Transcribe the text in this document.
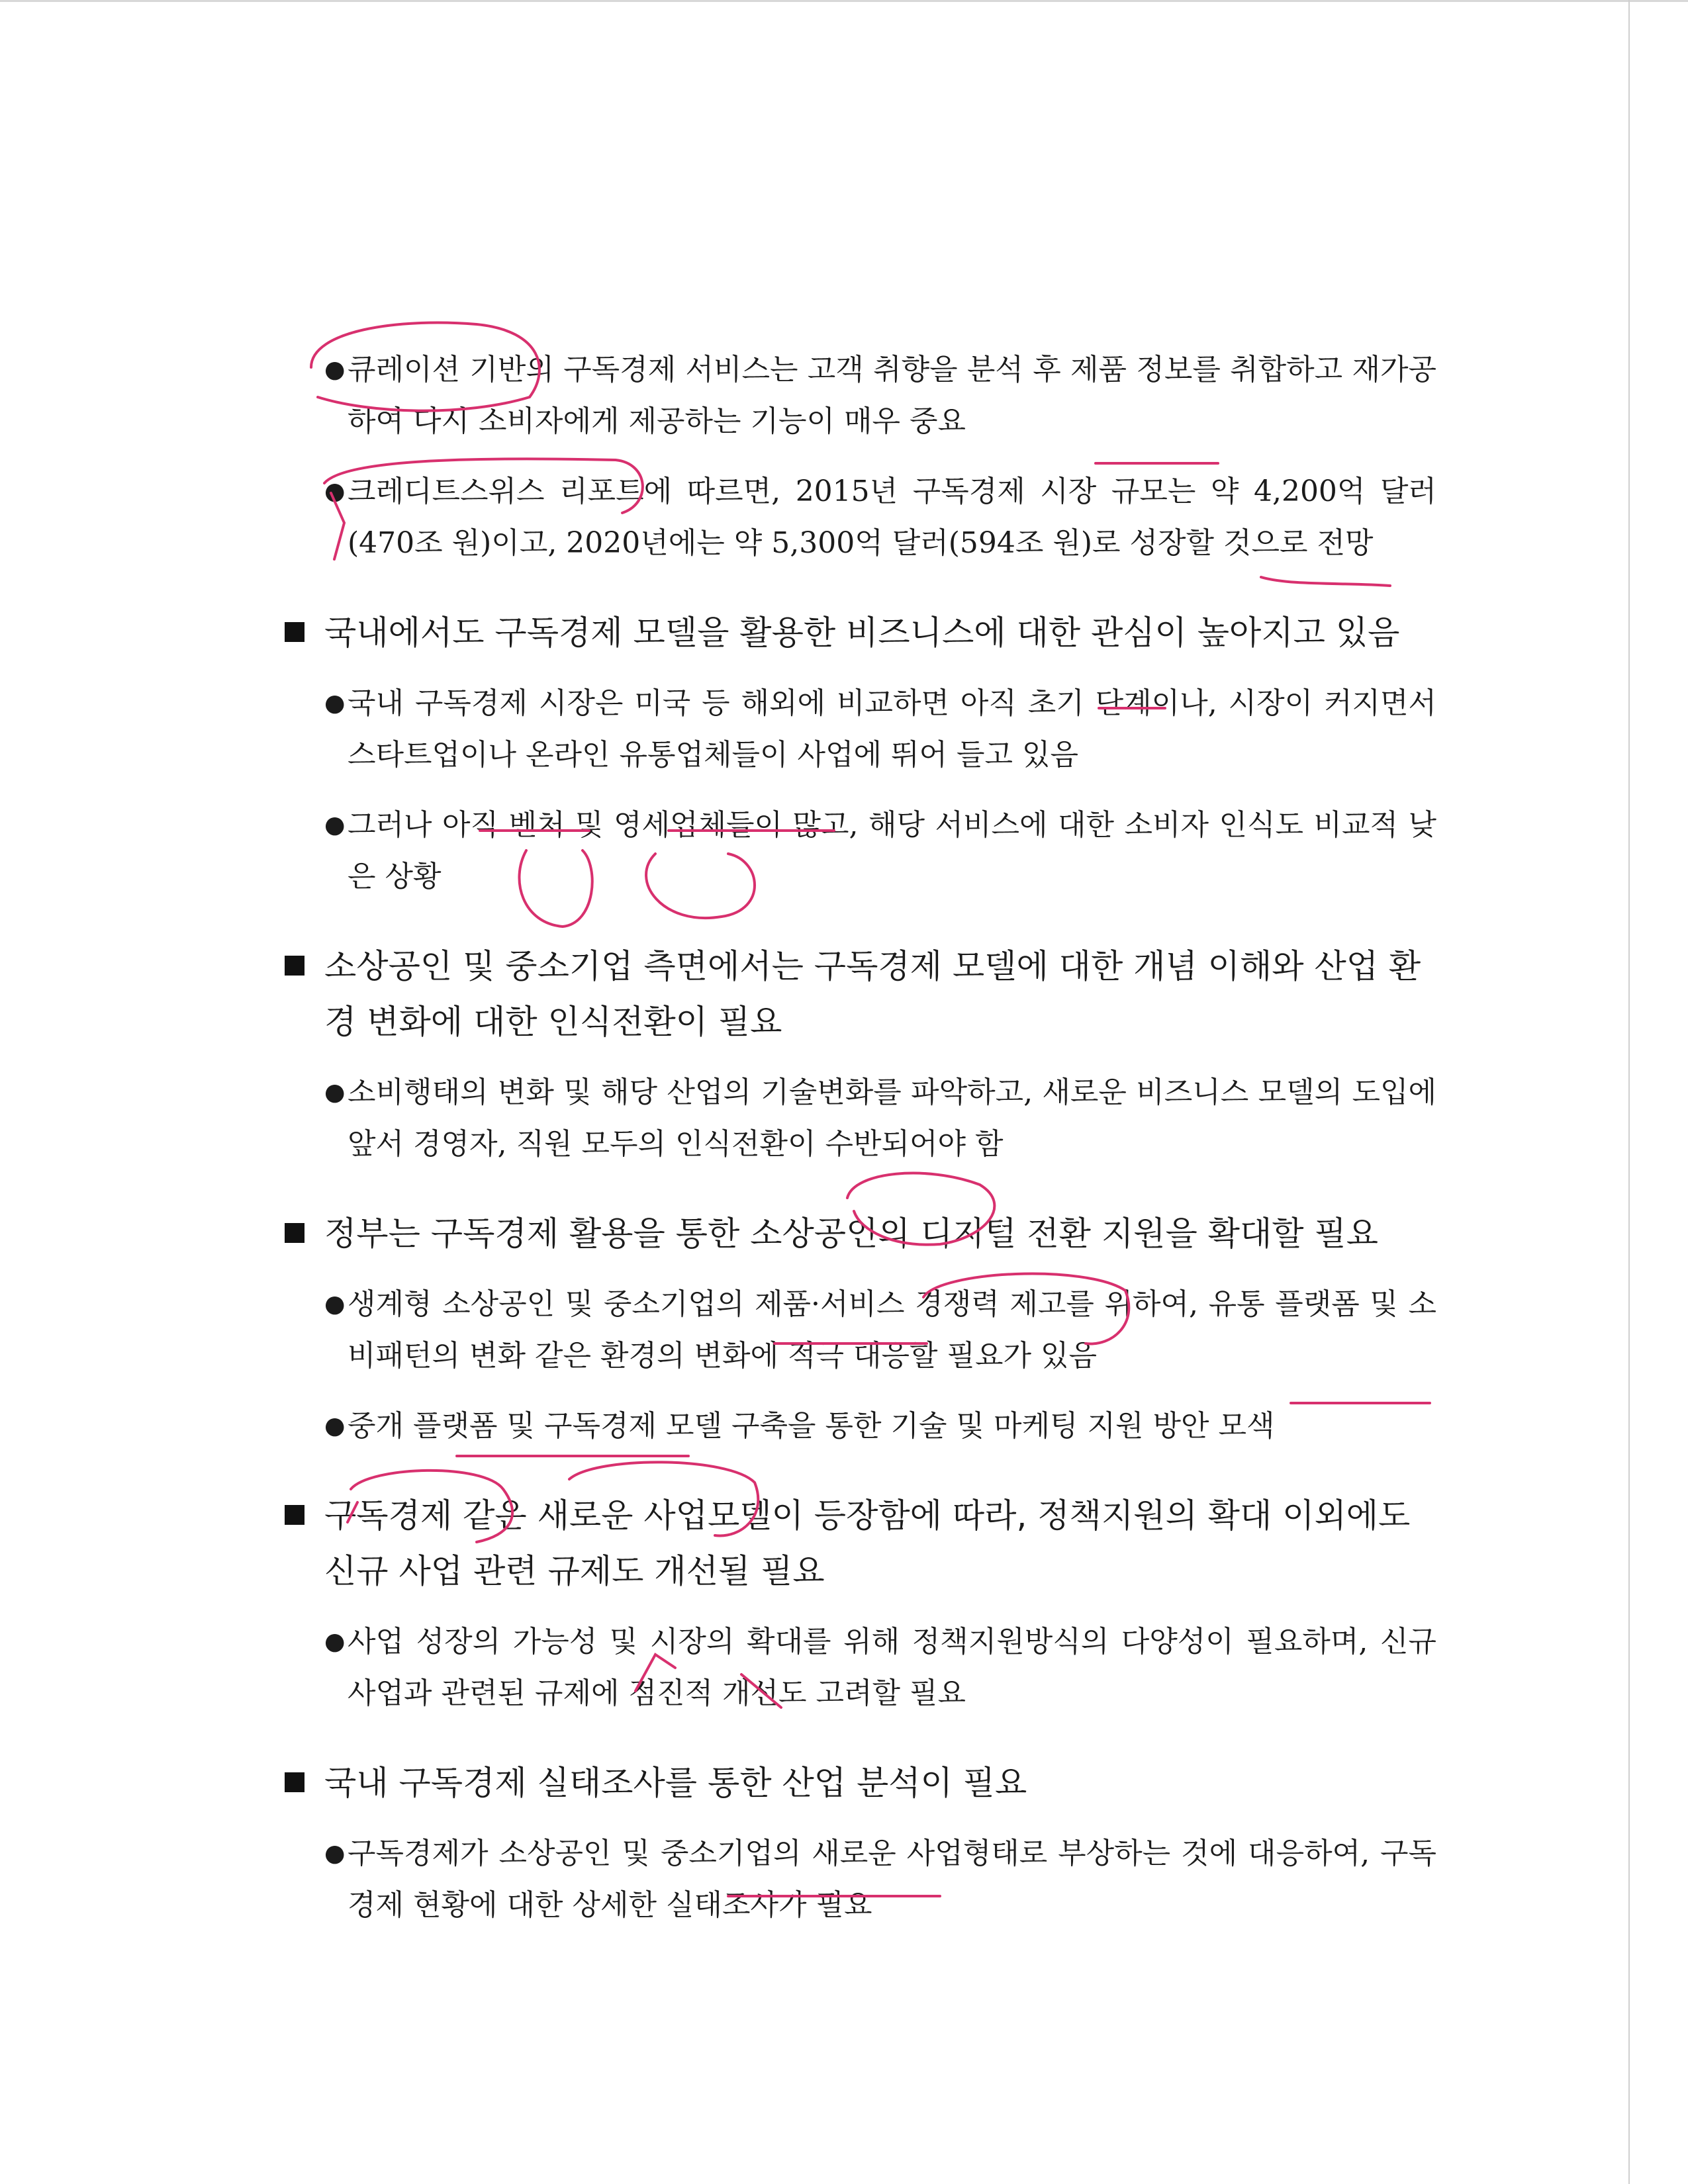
● 큐레이션 기반의 구독경제 서비스는 고객 취향을 분석 후 제품 정보를 취합하고 재가공하여 다시 소비자에게 제공하는 기능이 매우 중요
● 크레디트스위스 리포트에 따르면, 2015년 구독경제 시장 규모는 약 4,200억 달러(470조 원)이고, 2020년에는 약 5,300억 달러(594조 원)로 성장할 것으로 전망
국내에서도 구독경제 모델을 활용한 비즈니스에 대한 관심이 높아지고 있음
● 국내 구독경제 시장은 미국 등 해외에 비교하면 아직 초기 단계이나, 시장이 커지면서 스타트업이나 온라인 유통업체들이 사업에 뛰어 들고 있음
● 그러나 아직 벤처 및 영세업체들이 많고, 해당 서비스에 대한 소비자 인식도 비교적 낮은 상황
소상공인 및 중소기업 측면에서는 구독경제 모델에 대한 개념 이해와 산업 환경 변화에 대한 인식전환이 필요
● 소비행태의 변화 및 해당 산업의 기술변화를 파악하고, 새로운 비즈니스 모델의 도입에 앞서 경영자, 직원 모두의 인식전환이 수반되어야 함
정부는 구독경제 활용을 통한 소상공인의 디지털 전환 지원을 확대할 필요
● 생계형 소상공인 및 중소기업의 제품·서비스 경쟁력 제고를 위하여, 유통 플랫폼 및 소비패턴의 변화 같은 환경의 변화에 적극 대응할 필요가 있음
● 중개 플랫폼 및 구독경제 모델 구축을 통한 기술 및 마케팅 지원 방안 모색
구독경제 같은 새로운 사업모델이 등장함에 따라, 정책지원의 확대 이외에도 신규 사업 관련 규제도 개선될 필요
● 사업 성장의 가능성 및 시장의 확대를 위해 정책지원방식의 다양성이 필요하며, 신규 사업과 관련된 규제에 점진적 개선도 고려할 필요
국내 구독경제 실태조사를 통한 산업 분석이 필요
● 구독경제가 소상공인 및 중소기업의 새로운 사업형태로 부상하는 것에 대응하여, 구독경제 현황에 대한 상세한 실태조사가 필요
